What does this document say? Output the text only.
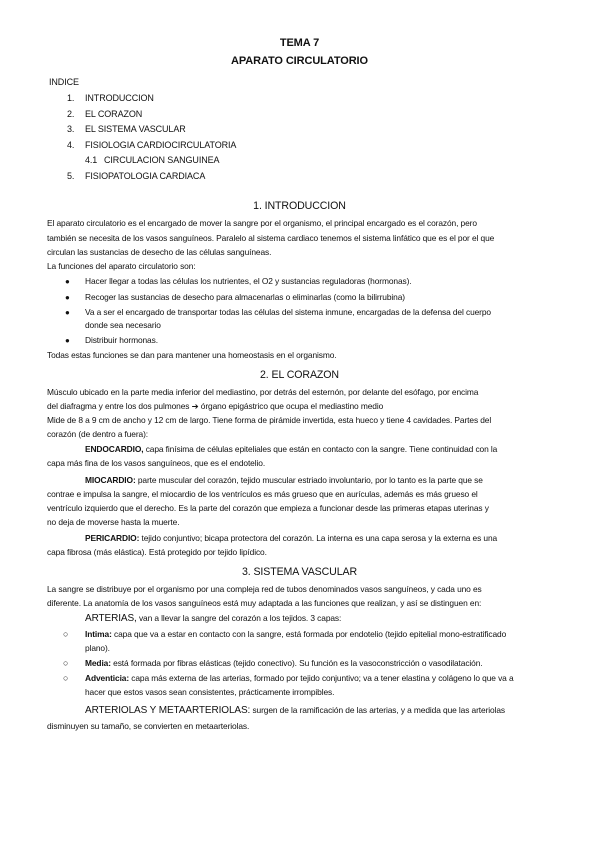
TEMA 7
APARATO CIRCULATORIO
INDICE
1. INTRODUCCION
2. EL CORAZON
3. EL SISTEMA VASCULAR
4. FISIOLOGIA CARDIOCIRCULATORIA
4.1 CIRCULACION SANGUINEA
5. FISIOPATOLOGIA CARDIACA
1. INTRODUCCION
El aparato circulatorio es el encargado de mover la sangre por el organismo, el principal encargado es el corazón, pero
también se necesita de los vasos sanguíneos. Paralelo al sistema cardiaco tenemos el sistema linfático que es el por el que
circulan las sustancias de desecho de las células sanguíneas.
La funciones del aparato circulatorio son:
● Hacer llegar a todas las células los nutrientes, el O2 y sustancias reguladoras (hormonas).
● Recoger las sustancias de desecho para almacenarlas o eliminarlas (como la bilirrubina)
● Va a ser el encargado de transportar todas las células del sistema inmune, encargadas de la defensa del cuerpo
donde sea necesario
● Distribuir hormonas.
Todas estas funciones se dan para mantener una homeostasis en el organismo.
2. EL CORAZON
Músculo ubicado en la parte media inferior del mediastino, por detrás del esternón, por delante del esófago, por encima
del diafragma y entre los dos pulmones ➔ órgano epigástrico que ocupa el mediastino medio
Mide de 8 a 9 cm de ancho y 12 cm de largo. Tiene forma de pirámide invertida, esta hueco y tiene 4 cavidades. Partes del
corazón (de dentro a fuera):
ENDOCARDIO, capa finísima de células epiteliales que están en contacto con la sangre. Tiene continuidad con la
capa más fina de los vasos sanguíneos, que es el endotelio.
MIOCARDIO: parte muscular del corazón, tejido muscular estriado involuntario, por lo tanto es la parte que se
contrae e impulsa la sangre, el miocardio de los ventrículos es más grueso que en aurículas, además es más grueso el
ventrículo izquierdo que el derecho. Es la parte del corazón que empieza a funcionar desde las primeras etapas uterinas y
no deja de moverse hasta la muerte.
PERICARDIO: tejido conjuntivo; bicapa protectora del corazón. La interna es una capa serosa y la externa es una
capa fibrosa (más elástica). Está protegido por tejido lipídico.
3. SISTEMA VASCULAR
La sangre se distribuye por el organismo por una compleja red de tubos denominados vasos sanguíneos, y cada uno es
diferente. La anatomía de los vasos sanguíneos está muy adaptada a las funciones que realizan, y así se distinguen en:
ARTERIAS, van a llevar la sangre del corazón a los tejidos. 3 capas:
○ Intima: capa que va a estar en contacto con la sangre, está formada por endotelio (tejido epitelial mono-estratificado
plano).
○ Media: está formada por fibras elásticas (tejido conectivo). Su función es la vasoconstricción o vasodilatación.
○ Adventicia: capa más externa de las arterias, formado por tejido conjuntivo; va a tener elastina y colágeno lo que va a
hacer que estos vasos sean consistentes, prácticamente irrompibles.
ARTERIOLAS Y METAARTERIOLAS: surgen de la ramificación de las arterias, y a medida que las arteriolas
disminuyen su tamaño, se convierten en metaarteriolas.
